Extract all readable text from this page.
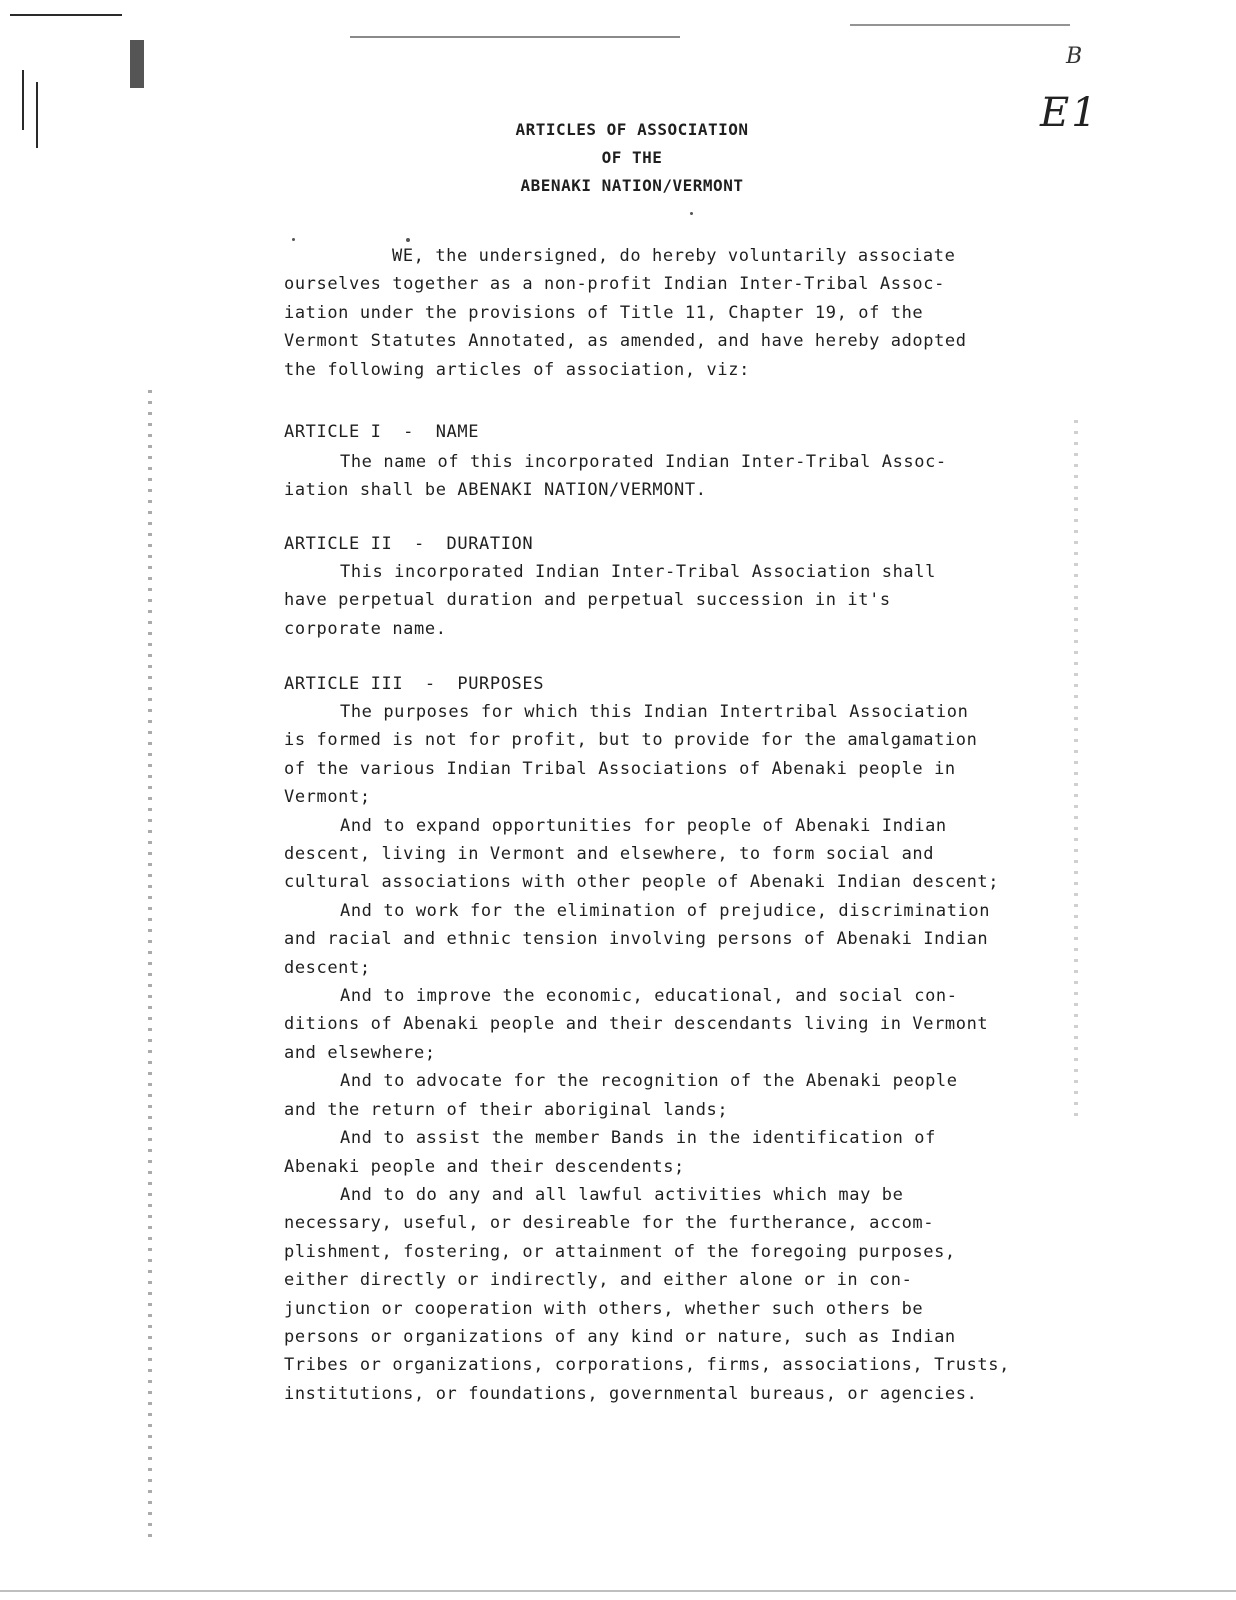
B
E1
ARTICLES OF ASSOCIATION
OF THE
ABENAKI NATION/VERMONT
WE, the undersigned, do hereby voluntarily associate
ourselves together as a non-profit Indian Inter-Tribal Assoc-
iation under the provisions of Title 11, Chapter 19, of the
Vermont Statutes Annotated, as amended, and have hereby adopted
the following articles of association, viz:
ARTICLE I  -  NAME
The name of this incorporated Indian Inter-Tribal Assoc-
iation shall be ABENAKI NATION/VERMONT.
ARTICLE II  -  DURATION
This incorporated Indian Inter-Tribal Association shall
have perpetual duration and perpetual succession in it's
corporate name.
ARTICLE III  -  PURPOSES
The purposes for which this Indian Intertribal Association
is formed is not for profit, but to provide for the amalgamation
of the various Indian Tribal Associations of Abenaki people in
Vermont;
And to expand opportunities for people of Abenaki Indian
descent, living in Vermont and elsewhere, to form social and
cultural associations with other people of Abenaki Indian descent;
And to work for the elimination of prejudice, discrimination
and racial and ethnic tension involving persons of Abenaki Indian
descent;
And to improve the economic, educational, and social con-
ditions of Abenaki people and their descendants living in Vermont
and elsewhere;
And to advocate for the recognition of the Abenaki people
and the return of their aboriginal lands;
And to assist the member Bands in the identification of
Abenaki people and their descendents;
And to do any and all lawful activities which may be
necessary, useful, or desireable for the furtherance, accom-
plishment, fostering, or attainment of the foregoing purposes,
either directly or indirectly, and either alone or in con-
junction or cooperation with others, whether such others be
persons or organizations of any kind or nature, such as Indian
Tribes or organizations, corporations, firms, associations, Trusts,
institutions, or foundations, governmental bureaus, or agencies.
